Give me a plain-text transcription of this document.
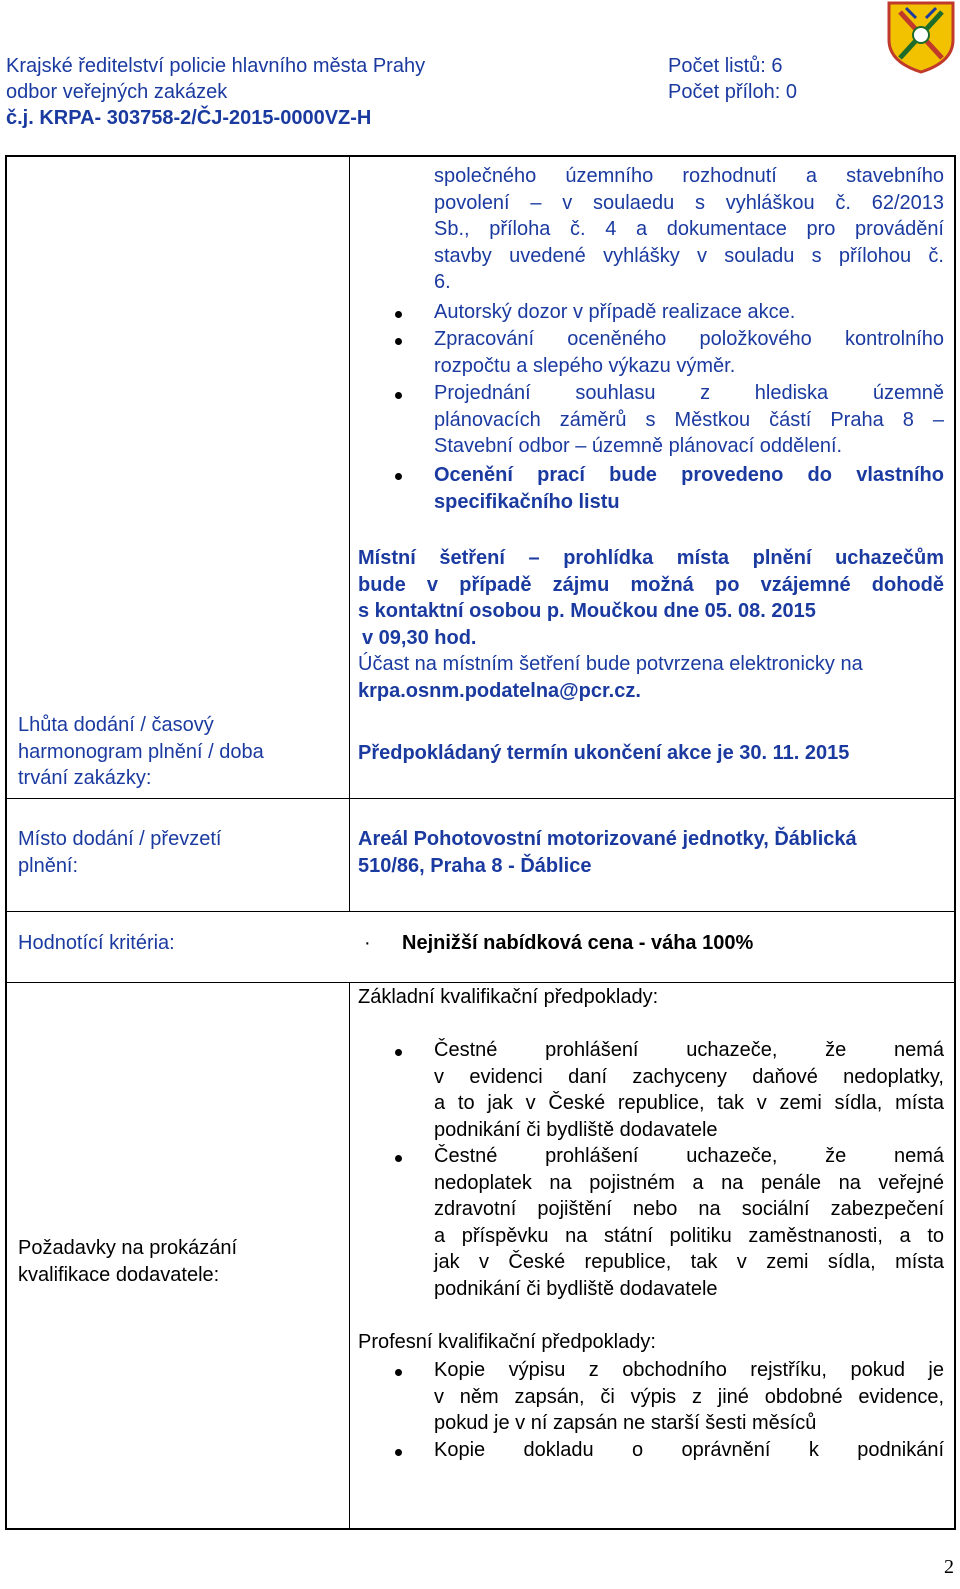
Krajské ředitelství policie hlavního města Prahy
odbor veřejných zakázek
č.j. KRPA- 303758-2/ČJ-2015-0000VZ-H
Počet listů: 6
Počet příloh: 0
společného územního rozhodnutí a stavebního
povolení – v soulaedu s vyhláškou č. 62/2013
Sb., příloha č. 4 a dokumentace pro provádění
stavby uvedené vyhlášky v souladu s přílohou č.
6.
Autorský dozor v případě realizace akce.
Zpracování oceněného položkového kontrolního
rozpočtu a slepého výkazu výměr.
Projednání souhlasu z hlediska územně
plánovacích záměrů s Městkou částí Praha 8 –
Stavební odbor – územně plánovací oddělení.
Ocenění prací bude provedeno do vlastního
specifikačního listu
Lhůta dodání / časový
harmonogram plnění / doba
trvání zakázky:
Místní šetření – prohlídka místa plnění uchazečům
bude v případě zájmu možná po vzájemné dohodě
s kontaktní osobou p. Moučkou dne 05. 08. 2015
v 09,30 hod.
Účast na místním šetření bude potvrzena elektronicky na
krpa.osnm.podatelna@pcr.cz.
Předpokládaný termín ukončení akce je 30. 11. 2015
Místo dodání / převzetí
plnění:
Areál Pohotovostní motorizované jednotky, Ďáblická
510/86, Praha 8 - Ďáblice
Hodnotící kritéria:	· Nejnižší nabídková cena - váha 100%
Požadavky na prokázání
kvalifikace dodavatele:
Základní kvalifikační předpoklady:
Čestné prohlášení uchazeče, že nemá
v evidenci daní zachyceny daňové nedoplatky,
a to jak v České republice, tak v zemi sídla, místa
podnikání či bydliště dodavatele
Čestné prohlášení uchazeče, že nemá
nedoplatek na pojistném a na penále na veřejné
zdravotní pojištění nebo na sociální zabezpečení
a příspěvku na státní politiku zaměstnanosti, a to
jak v České republice, tak v zemi sídla, místa
podnikání či bydliště dodavatele
Profesní kvalifikační předpoklady:
Kopie výpisu z obchodního rejstříku, pokud je
v něm zapsán, či výpis z jiné obdobné evidence,
pokud je v ní zapsán ne starší šesti měsíců
Kopie dokladu o oprávnění k podnikání
2
